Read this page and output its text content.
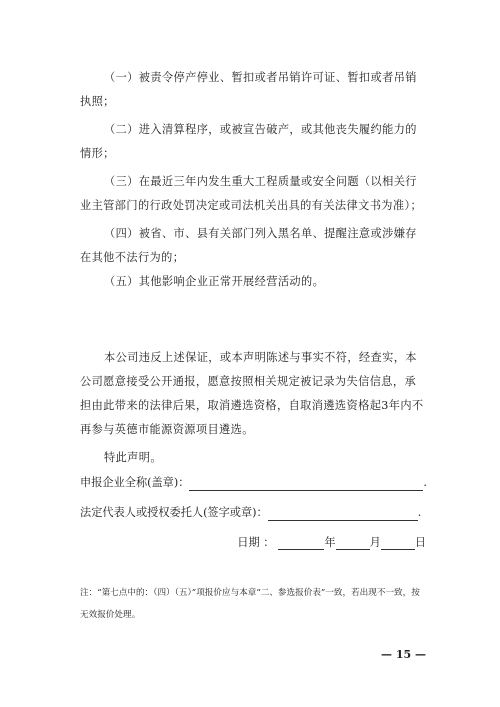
（一）被责令停产停业、暂扣或者吊销许可证、暂扣或者吊销执照；

（二）进入清算程序，或被宣告破产，或其他丧失履约能力的情形；

（三）在最近三年内发生重大工程质量或安全问题（以相关行业主管部门的行政处罚决定或司法机关出具的有关法律文书为准）；

（四）被省、市、县有关部门列入黑名单、提醒注意或涉嫌存在其他不法行为的；

（五）其他影响企业正常开展经营活动的。

本公司违反上述保证，或本声明陈述与事实不符，经查实，本公司愿意接受公开通报，愿意按照相关规定被记录为失信信息，承担由此带来的法律后果，取消遴选资格，自取消遴选资格起3年内不再参与英德市能源资源项目遴选。

特此声明。

申报企业全称(盖章)：	.
法定代表人或授权委托人(签字或章)：	.
日期 ：	年	月	日

注：“第七点中的：（四）（五）”项报价应与本章“二、参选报价表”一致，若出现不一致，按无效报价处理。

— 15 —
